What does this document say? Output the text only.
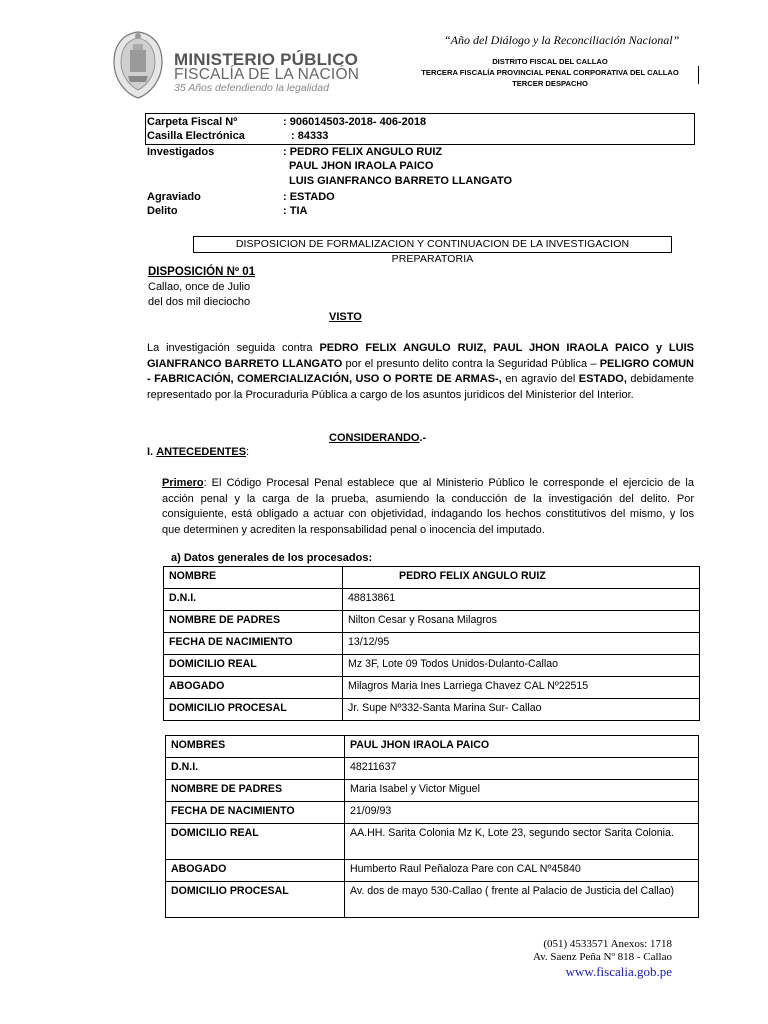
MINISTERIO PÚBLICO
FISCALÍA DE LA NACIÓN
35 Años defendiendo la legalidad
“Año del Diálogo y la Reconciliación Nacional”
DISTRITO FISCAL DEL CALLAO
TERCERA FISCALÍA PROVINCIAL PENAL CORPORATIVA DEL CALLAO
TERCER DESPACHO
Carpeta Fiscal Nº	: 906014503-2018- 406-2018
Casilla Electrónica	: 84333
Investigados	: PEDRO FELIX ANGULO RUIZ
PAUL JHON IRAOLA PAICO
LUIS GIANFRANCO BARRETO LLANGATO
Agraviado	: ESTADO
Delito	: TIA
DISPOSICION DE FORMALIZACION Y CONTINUACION DE LA INVESTIGACION PREPARATORIA
DISPOSICIÓN Nº 01
Callao, once de Julio
del dos mil dieciocho
VISTO
La investigación seguida contra PEDRO FELIX ANGULO RUIZ, PAUL JHON IRAOLA PAICO y LUIS GIANFRANCO BARRETO LLANGATO por el presunto delito contra la Seguridad Pública – PELIGRO COMUN - FABRICACIÓN, COMERCIALIZACIÓN, USO O PORTE DE ARMAS-, en agravio del ESTADO, debidamente representado por la Procuraduria Pública a cargo de los asuntos juridicos del Ministerior del Interior.
CONSIDERANDO.-
I. ANTECEDENTES:
Primero: El Código Procesal Penal establece que al Ministerio Público le corresponde el ejercicio de la acción penal y la carga de la prueba, asumiendo la conducción de la investigación del delito. Por consiguiente, está obligado a actuar con objetividad, indagando los hechos constitutivos del mismo, y los que determinen y acrediten la responsabilidad penal o inocencia del imputado.
a) Datos generales de los procesados:
NOMBRE	PEDRO FELIX ANGULO RUIZ
D.N.I.	48813861
NOMBRE DE PADRES	Nilton Cesar y Rosana Milagros
FECHA DE NACIMIENTO	13/12/95
DOMICILIO REAL	Mz 3F, Lote 09 Todos Unidos-Dulanto-Callao
ABOGADO	Milagros Maria Ines Larriega Chavez CAL Nº22515
DOMICILIO PROCESAL	Jr. Supe Nº332-Santa Marina Sur- Callao
NOMBRES	PAUL JHON IRAOLA PAICO
D.N.I.	48211637
NOMBRE DE PADRES	Maria Isabel y Victor Miguel
FECHA DE NACIMIENTO	21/09/93
DOMICILIO REAL	AA.HH. Sarita Colonia Mz K, Lote 23, segundo sector Sarita Colonia.
ABOGADO	Humberto Raul Peñaloza Pare con CAL Nº45840
DOMICILIO PROCESAL	Av. dos de mayo 530-Callao ( frente al Palacio de Justicia del Callao)
(051) 4533571 Anexos: 1718
Av. Saenz Peña Nº 818 - Callao
www.fiscalia.gob.pe
